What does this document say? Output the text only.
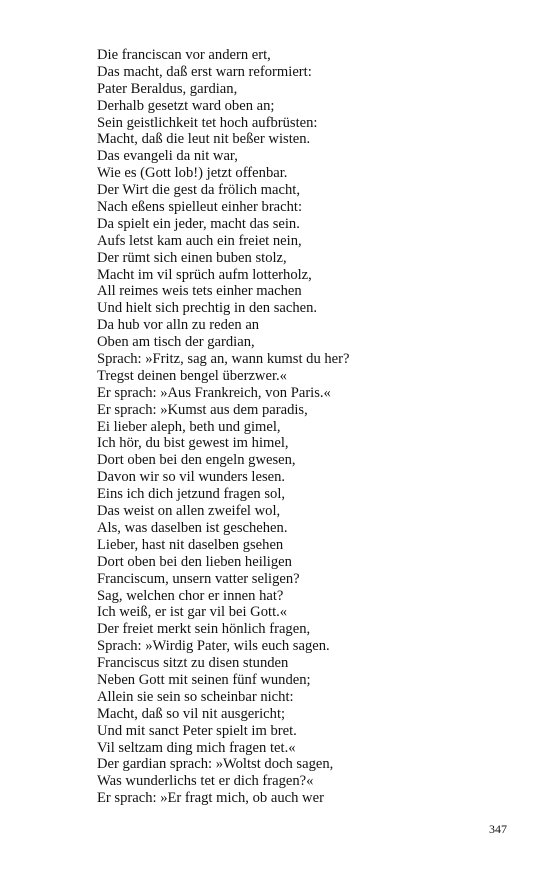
Die franciscan vor andern ert,
Das macht, daß erst warn reformiert:
Pater Beraldus, gardian,
Derhalb gesetzt ward oben an;
Sein geistlichkeit tet hoch aufbrüsten:
Macht, daß die leut nit beßer wisten.
Das evangeli da nit war,
Wie es (Gott lob!) jetzt offenbar.
Der Wirt die gest da frölich macht,
Nach eßens spielleut einher bracht:
Da spielt ein jeder, macht das sein.
Aufs letst kam auch ein freiet nein,
Der rümt sich einen buben stolz,
Macht im vil sprüch aufm lotterholz,
All reimes weis tets einher machen
Und hielt sich prechtig in den sachen.
Da hub vor alln zu reden an
Oben am tisch der gardian,
Sprach: »Fritz, sag an, wann kumst du her?
Tregst deinen bengel überzwer.«
Er sprach: »Aus Frankreich, von Paris.«
Er sprach: »Kumst aus dem paradis,
Ei lieber aleph, beth und gimel,
Ich hör, du bist gewest im himel,
Dort oben bei den engeln gwesen,
Davon wir so vil wunders lesen.
Eins ich dich jetzund fragen sol,
Das weist on allen zweifel wol,
Als, was daselben ist geschehen.
Lieber, hast nit daselben gsehen
Dort oben bei den lieben heiligen
Franciscum, unsern vatter seligen?
Sag, welchen chor er innen hat?
Ich weiß, er ist gar vil bei Gott.«
Der freiet merkt sein hönlich fragen,
Sprach: »Wirdig Pater, wils euch sagen.
Franciscus sitzt zu disen stunden
Neben Gott mit seinen fünf wunden;
Allein sie sein so scheinbar nicht:
Macht, daß so vil nit ausgericht;
Und mit sanct Peter spielt im bret.
Vil seltzam ding mich fragen tet.«
Der gardian sprach: »Woltst doch sagen,
Was wunderlichs tet er dich fragen?«
Er sprach: »Er fragt mich, ob auch wer
347
